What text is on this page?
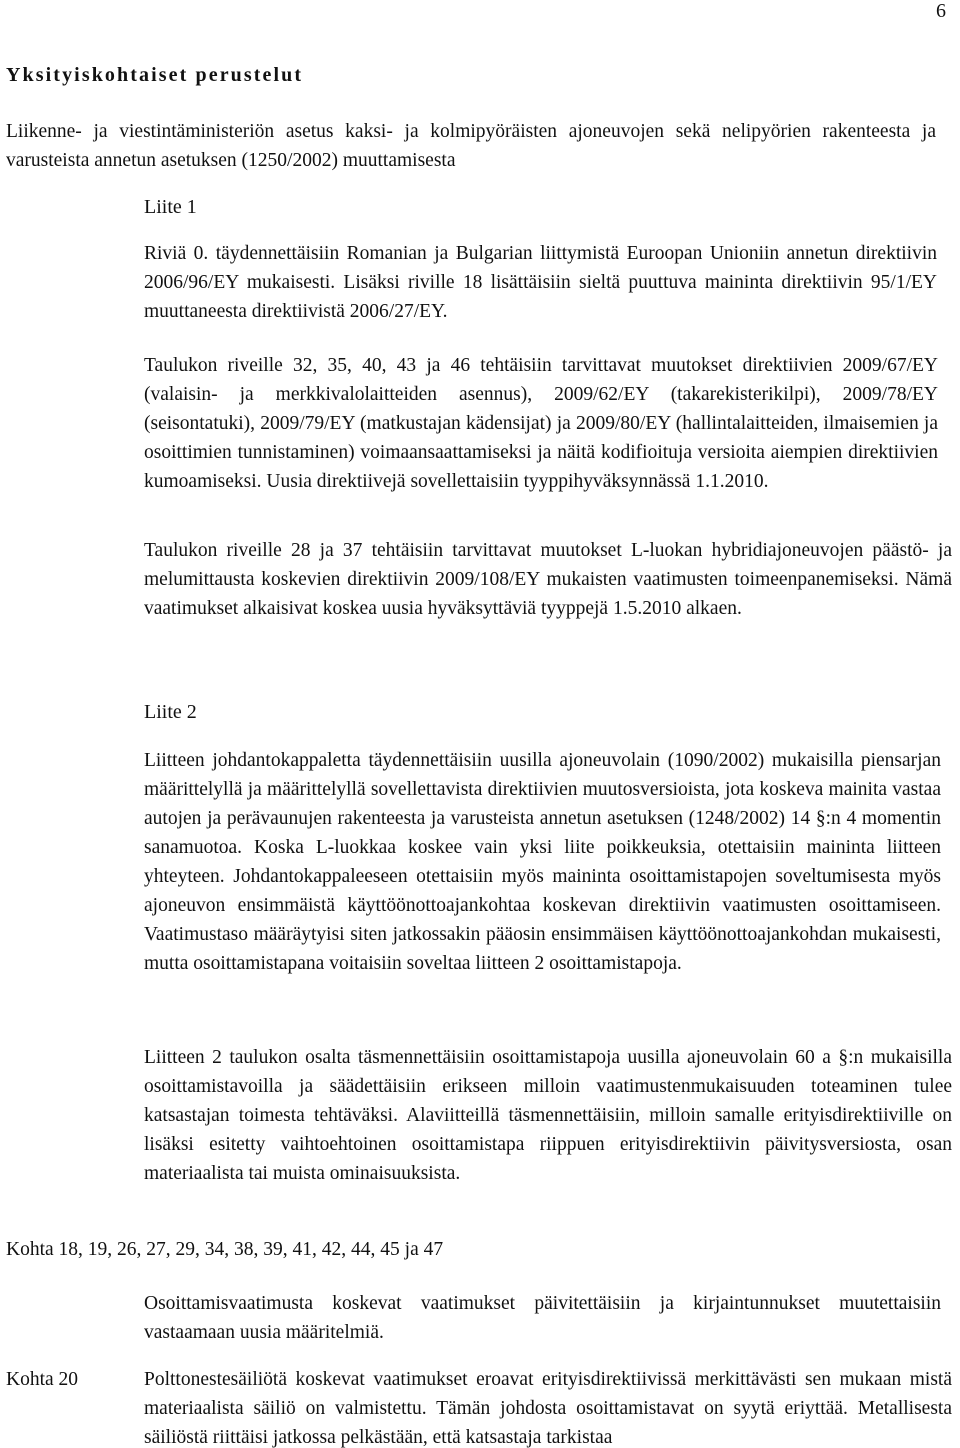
6
Yksityiskohtaiset perustelut

Liikenne- ja viestintäministeriön asetus kaksi- ja kolmipyöräisten ajoneuvojen sekä nelipyörien rakenteesta ja varusteista annetun asetuksen (1250/2002) muuttamisesta

Liite 1

Riviä 0. täydennettäisiin Romanian ja Bulgarian liittymistä Euroopan Unioniin annetun direktiivin 2006/96/EY mukaisesti. Lisäksi riville 18 lisättäisiin sieltä puuttuva maininta direktiivin 95/1/EY muuttaneesta direktiivistä 2006/27/EY.

Taulukon riveille 32, 35, 40, 43 ja 46 tehtäisiin tarvittavat muutokset direktiivien 2009/67/EY (valaisin- ja merkkivalolaitteiden asennus), 2009/62/EY (takarekisterikilpi), 2009/78/EY (seisontatuki), 2009/79/EY (matkustajan kädensijat) ja 2009/80/EY (hallintalaitteiden, ilmaisemien ja osoittimien tunnistaminen) voimaansaattamiseksi ja näitä kodifioituja versioita aiempien direktiivien kumoamiseksi. Uusia direktiivejä sovellettaisiin tyyppihyväksynnässä 1.1.2010.

Taulukon riveille 28 ja 37 tehtäisiin tarvittavat muutokset L-luokan hybridiajoneuvojen päästö- ja melumittausta koskevien direktiivin 2009/108/EY mukaisten vaatimusten toimeenpanemiseksi. Nämä vaatimukset alkaisivat koskea uusia hyväksyttäviä tyyppejä 1.5.2010 alkaen.

Liite 2

Liitteen johdantokappaletta täydennettäisiin uusilla ajoneuvolain (1090/2002) mukaisilla piensarjan määrittelyllä ja määrittelyllä sovellettavista direktiivien muutosversioista, jota koskeva mainita vastaa autojen ja perävaunujen rakenteesta ja varusteista annetun asetuksen (1248/2002) 14 §:n 4 momentin sanamuotoa. Koska L-luokkaa koskee vain yksi liite poikkeuksia, otettaisiin maininta liitteen yhteyteen. Johdantokappaleeseen otettaisiin myös maininta osoittamistapojen soveltumisesta myös ajoneuvon ensimmäistä käyttöönottoajankohtaa koskevan direktiivin vaatimusten osoittamiseen. Vaatimustaso määräytyisi siten jatkossakin pääosin ensimmäisen käyttöönottoajankohdan mukaisesti, mutta osoittamistapana voitaisiin soveltaa liitteen 2 osoittamistapoja.

Liitteen 2 taulukon osalta täsmennettäisiin osoittamistapoja uusilla ajoneuvolain 60 a §:n mukaisilla osoittamistavoilla ja säädettäisiin erikseen milloin vaatimustenmukaisuuden toteaminen tulee katsastajan toimesta tehtäväksi. Alaviitteillä täsmennettäisiin, milloin samalle erityisdirektiiville on lisäksi esitetty vaihtoehtoinen osoittamistapa riippuen erityisdirektiivin päivitysversiosta, osan materiaalista tai muista ominaisuuksista.

Kohta 18, 19, 26, 27, 29, 34, 38, 39, 41, 42, 44, 45 ja 47

Osoittamisvaatimusta koskevat vaatimukset päivitettäisiin ja kirjaintunnukset muutettaisiin vastaamaan uusia määritelmiä.

Kohta 20	Polttonestesäiliötä koskevat vaatimukset eroavat erityisdirektiivissä merkittävästi sen mukaan mistä materiaalista säiliö on valmistettu. Tämän johdosta osoittamistavat on syytä eriyttää. Metallisesta säiliöstä riittäisi jatkossa pelkästään, että katsastaja tarkistaa
